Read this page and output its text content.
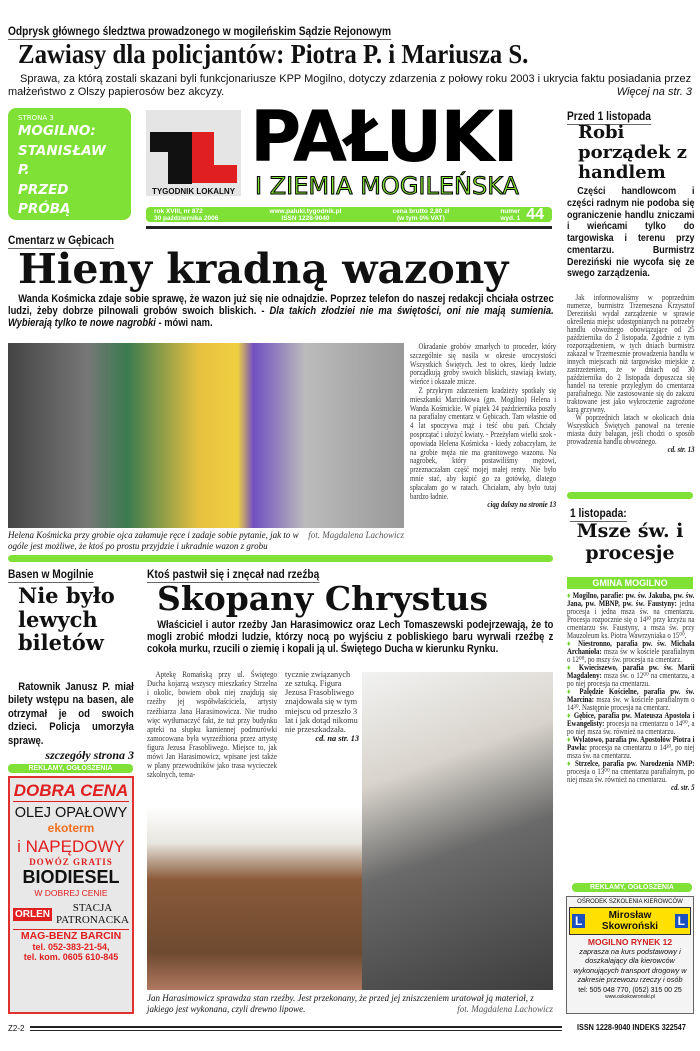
Odprysk głównego śledztwa prowadzonego w mogileńskim Sądzie Rejonowym
Zawiasy dla policjantów: Piotra P. i Mariusza S.
Sprawa, za którą zostali skazani byli funkcjonariusze KPP Mogilno, dotyczy zdarzenia z połowy roku 2003 i ukrycia faktu posiadania przez małżeństwo z Olszy papierosów bez akcyzy.	Więcej na str. 3
STRONA 3
MOGILNO:
STANISŁAW P.
PRZED
PRÓBĄ
TYGODNIK LOKALNY
PAŁUKI
I ZIEMIA MOGILEŃSKA
rok XVIII, nr 872
30 października 2006
www.paluki.tygodnik.pl
ISSN 1228-9040
cena brutto 2,80 zł
(w tym 0% VAT)
numer
wyd. 1 44
Cmentarz w Gębicach
Hieny kradną wazony
Wanda Kośmicka zdaje sobie sprawę, że wazon już się nie odnajdzie. Poprzez telefon do naszej redakcji chciała ostrzec ludzi, żeby dobrze pilnowali grobów swoich bliskich. - Dla takich złodziei nie ma świętości, oni nie mają sumienia. Wybierają tylko te nowe nagrobki - mówi nam.
fot. Magdalena Lachowicz
Helena Kośmicka przy grobie ojca załamuje ręce i zadaje sobie pytanie, jak to w ogóle jest możliwe, że ktoś po prostu przyjdzie i ukradnie wazon z grobu

Okradanie grobów zmarłych to proceder, który szczególnie się nasila w okresie uroczystości Wszystkich Świętych. Jest to okres, kiedy ludzie porządkują groby swoich bliskich, stawiają kwiaty, wieńce i okazałe znicze.

Z przykrym zdarzeniem kradzieży spotkały się mieszkanki Marcinkowa (gm. Mogilno) Helena i Wanda Kośmickie. W piątek 24 października poszły na parafialny cmentarz w Gębicach. Tam właśnie od 4 lat spoczywa mąż i teść obu pań. Chciały posprzątać i ułożyć kwiaty. - Przeżyłam wielki szok - opowiada Helena Kośmicka - kiedy zobaczyłam, że na grobie męża nie ma granitowego wazonu. Na nagrobek, który postawiliśmy mężowi, przeznaczałam część mojej małej renty. Nie było mnie stać, aby kupić go za gotówkę, dlatego spłacałam go w ratach. Chciałam, aby było tutaj bardzo ładnie.

ciąg dalszy na stronie 13
Przed 1 listopada
Robi porządek z handlem
Części handlowcom i części radnym nie podoba się ograniczenie handlu zniczami i wieńcami tylko do targowiska i terenu przy cmentarzu. Burmistrz Dereziński nie wycofa się ze swego zarządzenia.

Jak informowaliśmy w poprzednim numerze, burmistrz Trzemeszna Krzysztof Dereziński wydał zarządzenie w sprawie określenia miejsc udostępnianych na potrzeby handlu obwoźnego obowiązujące od 25 października do 2 listopada. Zgodnie z tym rozporządzeniem, w tych dniach burmistrz zakazał w Trzemesznie prowadzenia handlu w innych miejscach niż targowisko miejskie z zastrzeżeniem, że w dniach od 30 października do 2 listopada dopuszcza się handel na terenie przyległym do cmentarza parafialnego. Nie zastosowanie się do zakazu traktowane jest jako wykroczenie zagrożone karą grzywny.

W poprzednich latach w okolicach dnia Wszystkich Świętych panował na terenie miasta duży bałagan, jeśli chodzi o sposób prowadzenia handlu obwoźnego.

cd. str. 13
1 listopada:
Msze św. i procesje
GMINA MOGILNO
♦ Mogilno, parafie: pw. św. Jakuba, pw. św. Jana, pw. MBNP, pw. św. Faustyny: jedna procesja i jedna msza św. na cmentarzu. Procesja rozpocznie się o 14³⁰ przy krzyżu na cmentarzu św. Faustyny, a msza św. przy Mauzoleum ks. Piotra Wawrzyniaka o 15⁰⁰.
♦ Niestronno, parafia pw. św. Michała Archanioła: msza św w kościele parafialnym o 12⁰⁰, po mszy św. procesja na cmentarz.
♦ Kwieciszewo, parafia pw. św. Marii Magdaleny: msza św. o 12⁰⁰ na cmentarzu, a po niej procesja na cmentarzu.
♦ Palędzie Kościelne, parafia pw. św. Marcina: msza św. w kościele parafialnym o 14³⁰. Następnie procesja na cmentarz.
♦ Gębice, parafia pw. Mateusza Apostoła i Ewangelisty: procesja na cmentarzu o 14⁰⁰, a po niej msza św. również na cmentarzu.
♦ Wylatowo, parafia pw. Apostołów Piotra i Pawła: procesja na cmentarzu o 14³⁰, po niej msza św. na cmentarzu.
♦ Strzelce, parafia pw. Narodzenia NMP: procesja o 13⁰⁰ na cmentarzu parafialnym, po niej msza św. również na cmentarzu.
cd. str. 5
REKLAMY, OGŁOSZENIA
OŚRODEK SZKOLENIA KIEROWCÓW
L	Mirosław Skowroński	L
MOGILNO RYNEK 12
zaprasza na kurs podstawowy i doszkalający dla kierowców wykonujących transport drogowy w zakresie przewozu rzeczy i osób
tel: 505 048 770, (052) 315 00 25
www.oskskowronski.pl
Basen w Mogilnie
Nie było lewych biletów
Ratownik Janusz P. miał bilety wstępu na basen, ale otrzymał je od swoich dzieci. Policja umorzyła sprawę.
szczegóły strona 3
REKLAMY, OGŁOSZENIA
DOBRA CENA
OLEJ OPAŁOWY
ekoterm
i NAPĘDOWY
DOWÓZ GRATIS
BIODIESEL
W DOBREJ CENIE
ORLEN
STACJA PATRONACKA
MAG-BENZ BARCIN
tel. 052-383-21-54,
tel. kom. 0605 610-845
Ktoś pastwił się i znęcał nad rzeźbą
Skopany Chrystus
Właściciel i autor rzeźby Jan Harasimowicz oraz Lech Tomaszewski podejrzewają, że to mogli zrobić młodzi ludzie, którzy nocą po wyjściu z pobliskiego baru wyrwali rzeźbę z cokoła murku, rzucili o ziemię i kopali ją ul. Świętego Ducha w kierunku Rynku.

Aptekę Romańską przy ul. Świętego Ducha kojarzą wszyscy mieszkańcy Strzelna i okolic, bowiem obok niej znajdują się rzeźby jej współwłaściciela, artysty rzeźbiarza Jana Harasimowicza. Nie trudno więc wytłumaczyć fakt, że tuż przy budynku apteki na słupku kamiennej podmurówki zamocowana była wyrzeźbiona przez artystę figura Jezusa Frasobliwego. Miejsce to, jak mówi Jan Harasimowicz, wpisane jest także w plany przewodników jako trasa wycieczek szkolnych, tema-

tycznie związanych ze sztuką. Figura Jezusa Frasobliwego znajdowała się w tym miejscu od przeszło 3 lat i jak dotąd nikomu nie przeszkadzała.
cd. na str. 13
Jan Harasimowicz sprawdza stan rzeźby. Jest przekonany, że przed jej zniszczeniem uratował ją materiał, z jakiego jest wykonana, czyli drewno lipowe.	fot. Magdalena Lachowicz
Z2-2	ISSN 1228-9040 INDEKS 322547
